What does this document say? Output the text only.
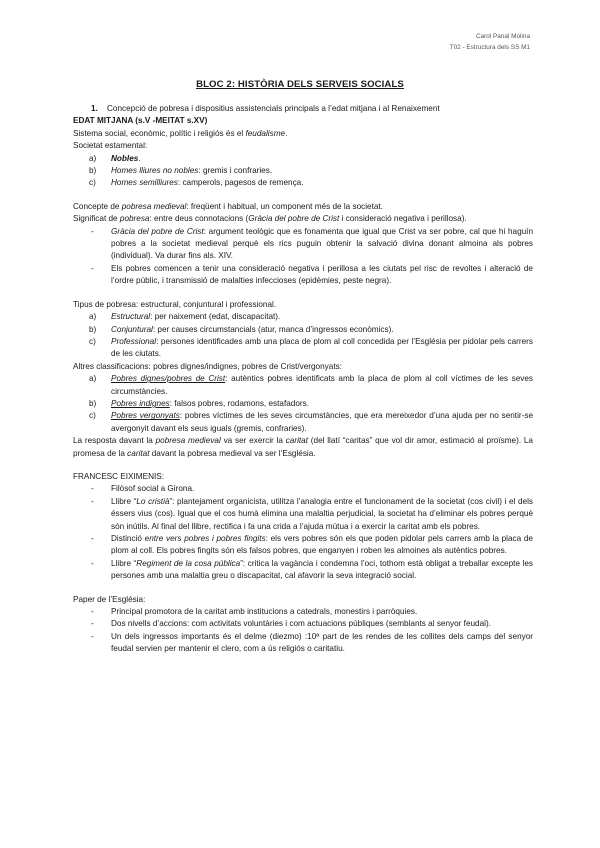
Carol Panal Molina
T02 - Estructura dels SS M1
BLOC 2: HISTÒRIA DELS SERVEIS SOCIALS

1. Concepció de pobresa i dispositius assistencials principals a l’edat mitjana i al Renaixement

EDAT MITJANA (s.V -MEITAT s.XV)

Sistema social, econòmic, polític i religiós és el feudalisme.

Societat estamental:

a) Nobles.
b) Homes lliures no nobles: gremis i confraries.
c) Homes semilliures: camperols, pagesos de remença.

Concepte de pobresa medieval: freqüent i habitual, un component més de la societat.

Significat de pobresa: entre deus connotacions (Gràcia del pobre de Crist i consideració negativa i perillosa).

- Gràcia del pobre de Crist: argument teològic que es fonamenta que igual que Crist va ser pobre, cal que hi haguín pobres a la societat medieval perquè els rics puguin obtenir la salvació divina donant almoina als pobres (individual). Va durar fins als. XIV.
- Els pobres comencen a tenir una consideració negativa i perillosa a les ciutats pel risc de revoltes i alteració de l’ordre públic, i transmissió de malalties infeccioses (epidèmies, peste negra).

Tipus de pobresa: estructural, conjuntural i professional.

a) Estructural: per naixement (edat, discapacitat).
b) Conjuntural: per causes circumstancials (atur, manca d’ingressos econòmics).
c) Professional: persones identificades amb una placa de plom al coll concedida per l’Església per pidolar pels carrers de les ciutats.

Altres classificacions: pobres dignes/indignes, pobres de Crist/vergonyats:

a) Pobres dignes/pobres de Crist: autèntics pobres identificats amb la placa de plom al coll víctimes de les seves circumstàncies.
b) Pobres indignes: falsos pobres, rodamons, estafadors.
c) Pobres vergonyats: pobres víctimes de les seves circumstàncies, que era mereixedor d’una ajuda per no sentir-se avergonyit davant els seus iguals (gremis, confraries).

La resposta davant la pobresa medieval va ser exercir la caritat (del llatí “caritas” que vol dir amor, estimació al proïsme). La promesa de la caritat davant la pobresa medieval va ser l’Església.

FRANCESC EIXIMENIS:

- Filòsof social a Girona.
- Llibre “Lo cristià”: plantejament organicista, utilitza l’analogia entre el funcionament de la societat (cos civil) i el dels éssers vius (cos). Igual que el cos humà elimina una malaltia perjudicial, la societat ha d’eliminar els pobres perquè són inútils. Al final del llibre, rectifica i fa una crida a l’ajuda mútua i a exercir la caritat amb els pobres.
- Distinció entre vers pobres i pobres fingits: els vers pobres són els que poden pidolar pels carrers amb la placa de plom al coll. Els pobres fingits són els falsos pobres, que enganyen i roben les almoines als autèntics pobres.
- Llibre “Regiment de la cosa pública”: critica la vagància i condemna l’oci, tothom està obligat a treballar excepte les persones amb una malaltia greu o discapacitat, cal afavorir la seva integració social.

Paper de l’Església:

- Principal promotora de la caritat amb institucions a catedrals, monestirs i parròquies.
- Dos nivells d’accions: com activitats voluntàries i com actuacions públiques (semblants al senyor feudal).
- Un dels ingressos importants és el delme (diezmo) :10ª part de les rendes de les collites dels camps del senyor feudal servien per mantenir el clero, com a ús religiós o caritatiu.
